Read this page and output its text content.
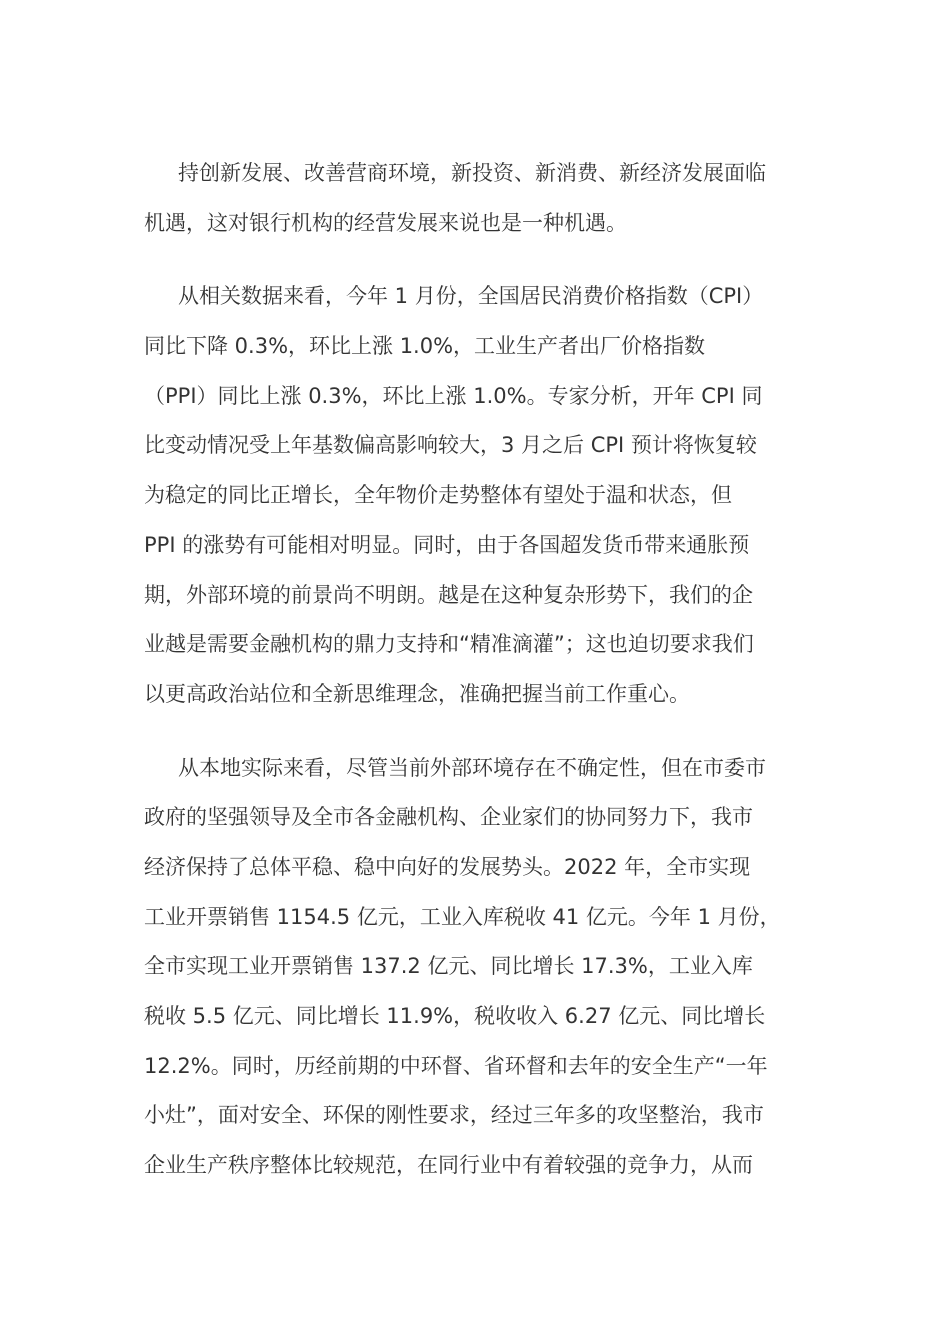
持创新发展、改善营商环境，新投资、新消费、新经济发展面临
机遇，这对银行机构的经营发展来说也是一种机遇。
从相关数据来看，今年 1 月份，全国居民消费价格指数（CPI）
同比下降 0.3%，环比上涨 1.0%，工业生产者出厂价格指数
（PPI）同比上涨 0.3%，环比上涨 1.0%。专家分析，开年 CPI 同
比变动情况受上年基数偏高影响较大，3 月之后 CPI 预计将恢复较
为稳定的同比正增长，全年物价走势整体有望处于温和状态，但
PPI 的涨势有可能相对明显。同时，由于各国超发货币带来通胀预
期，外部环境的前景尚不明朗。越是在这种复杂形势下，我们的企
业越是需要金融机构的鼎力支持和“精准滴灌”；这也迫切要求我们
以更高政治站位和全新思维理念，准确把握当前工作重心。
从本地实际来看，尽管当前外部环境存在不确定性，但在市委市
政府的坚强领导及全市各金融机构、企业家们的协同努力下，我市
经济保持了总体平稳、稳中向好的发展势头。2022 年，全市实现
工业开票销售 1154.5 亿元，工业入库税收 41 亿元。今年 1 月份，
全市实现工业开票销售 137.2 亿元、同比增长 17.3%，工业入库
税收 5.5 亿元、同比增长 11.9%，税收收入 6.27 亿元、同比增长
12.2%。同时，历经前期的中环督、省环督和去年的安全生产“一年
小灶”，面对安全、环保的刚性要求，经过三年多的攻坚整治，我市
企业生产秩序整体比较规范，在同行业中有着较强的竞争力，从而
